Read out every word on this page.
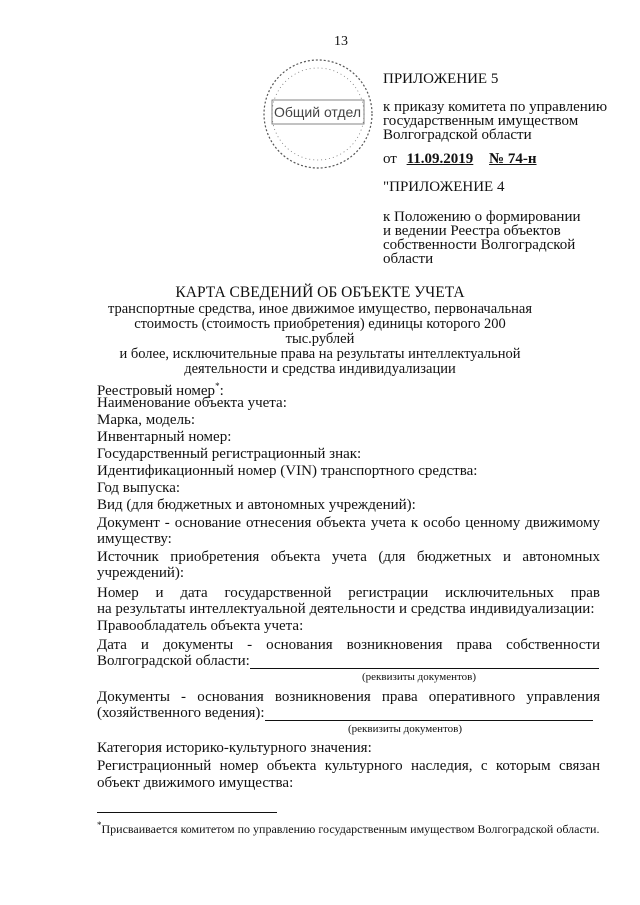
13
Общий отдел
ПРИЛОЖЕНИЕ 5
к приказу комитета по управлению
государственным имуществом
Волгоградской области
от 11.09.2019 № 74-н
"ПРИЛОЖЕНИЕ 4
к Положению о формировании
и ведении Реестра объектов
собственности Волгоградской
области
КАРТА СВЕДЕНИЙ ОБ ОБЪЕКТЕ УЧЕТА
транспортные средства, иное движимое имущество, первоначальная
стоимость (стоимость приобретения) единицы которого 200 тыс.рублей
и более, исключительные права на результаты интеллектуальной
деятельности и средства индивидуализации
Реестровый номер*:
Наименование объекта учета:
Марка, модель:
Инвентарный номер:
Государственный регистрационный знак:
Идентификационный номер (VIN) транспортного средства:
Год выпуска:
Вид (для бюджетных и автономных учреждений):
Документ - основание отнесения объекта учета к особо ценному движимому
имуществу:
Источник приобретения объекта учета (для бюджетных и автономных
учреждений):
Номер и дата государственной регистрации исключительных прав
на результаты интеллектуальной деятельности и средства индивидуализации:
Правообладатель объекта учета:
Дата и документы - основания возникновения права собственности
Волгоградской области:
(реквизиты документов)
Документы - основания возникновения права оперативного управления
(хозяйственного ведения):
(реквизиты документов)
Категория историко-культурного значения:
Регистрационный номер объекта культурного наследия, с которым связан
объект движимого имущества:
*Присваивается комитетом по управлению государственным имуществом Волгоградской области.
